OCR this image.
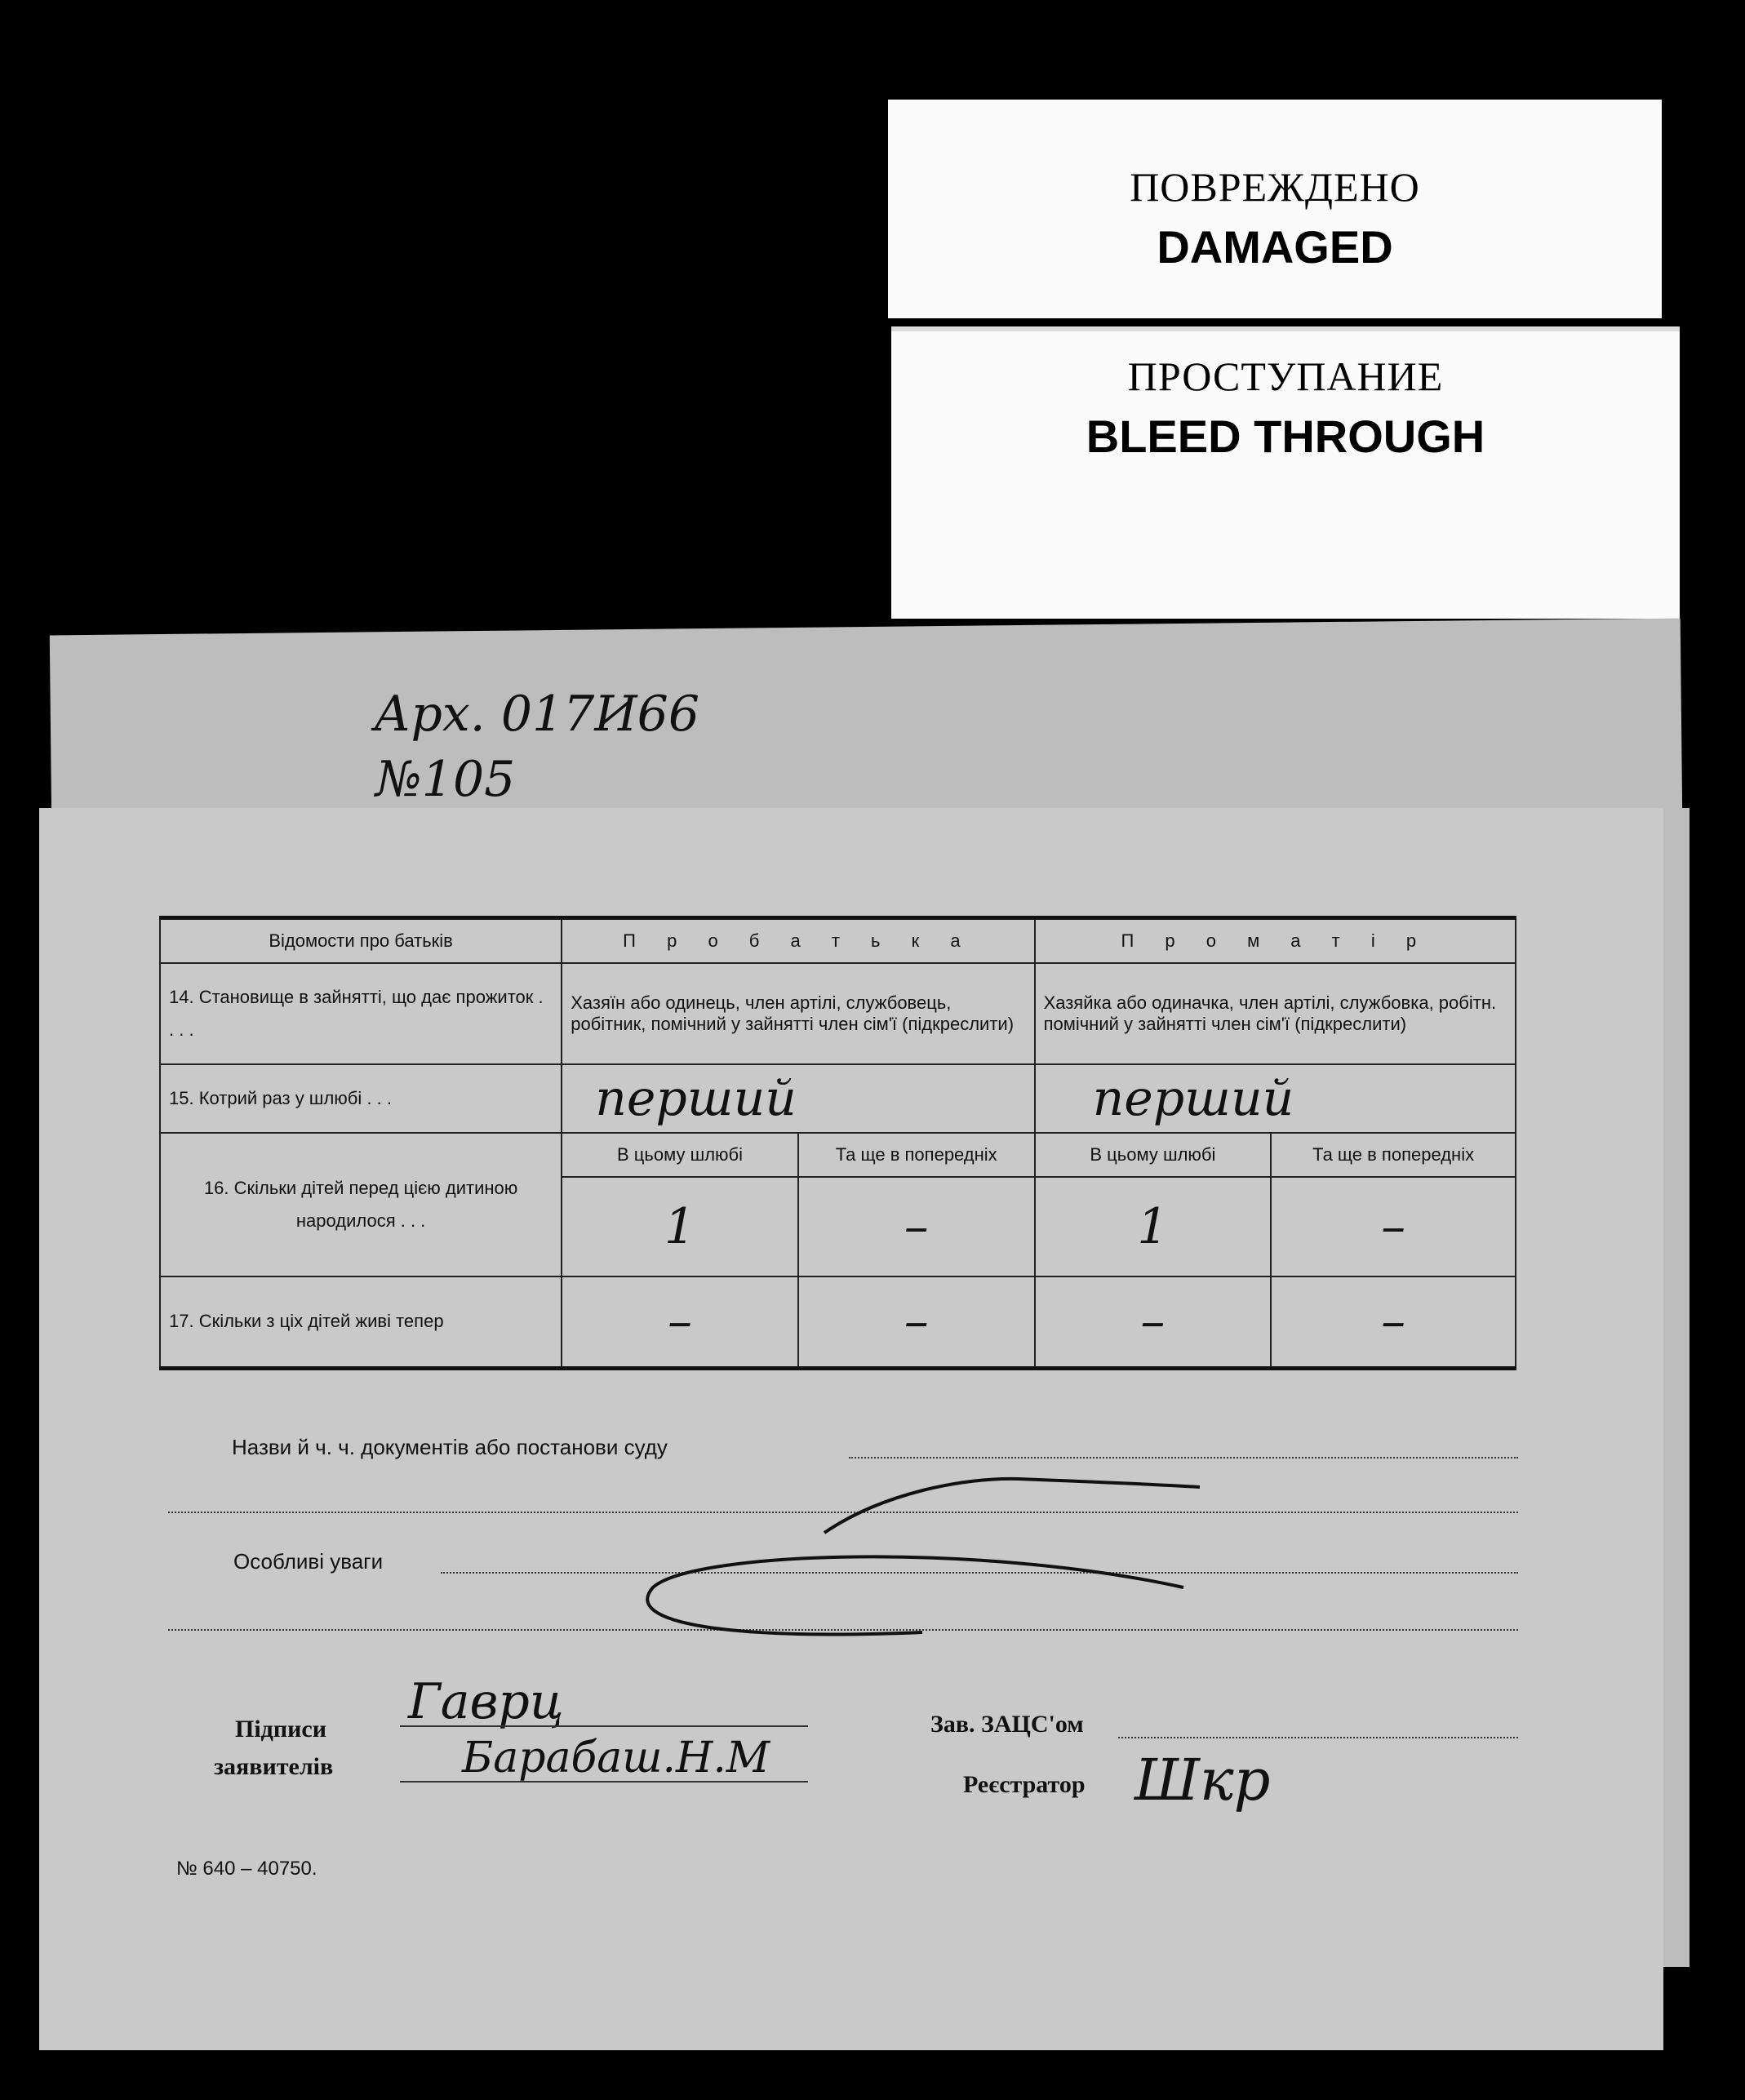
ПОВРЕЖДЕНО
DAMAGED
ПРОСТУПАНИЕ
BLEED THROUGH
Арх. 017И66
№105
Відомости про батьків	П р о б а т ь к а		П р о м а т і р	
14. Становище в зайнятті, що дає прожиток . . . .	Хазяїн або одинець, член артілі, службовець, робітник, помічний у зайнятті член сім'ї (підкреслити)		Хазяйка або одиначка, член артілі, службовка, робітн. помічний у зайнятті член сім'ї (підкреслити)	
15. Котрий раз у шлюбі . . .	перший		перший	
16. Скільки дітей перед цією дитиною народилося . . .	В цьому шлюбі	Та ще в попередніх	В цьому шлюбі	Та ще в попередніх
	1	–	1	–
17. Скільки з ціх дітей живі тепер	–	–	–	–
Назви й ч. ч. документів або постанови суду
Особливі уваги
Підписи
заявителів
Гаврц
Барабаш.Н.М
Зав. ЗАЦС'ом
Реєстратор Шкр
№ 640 – 40750.
